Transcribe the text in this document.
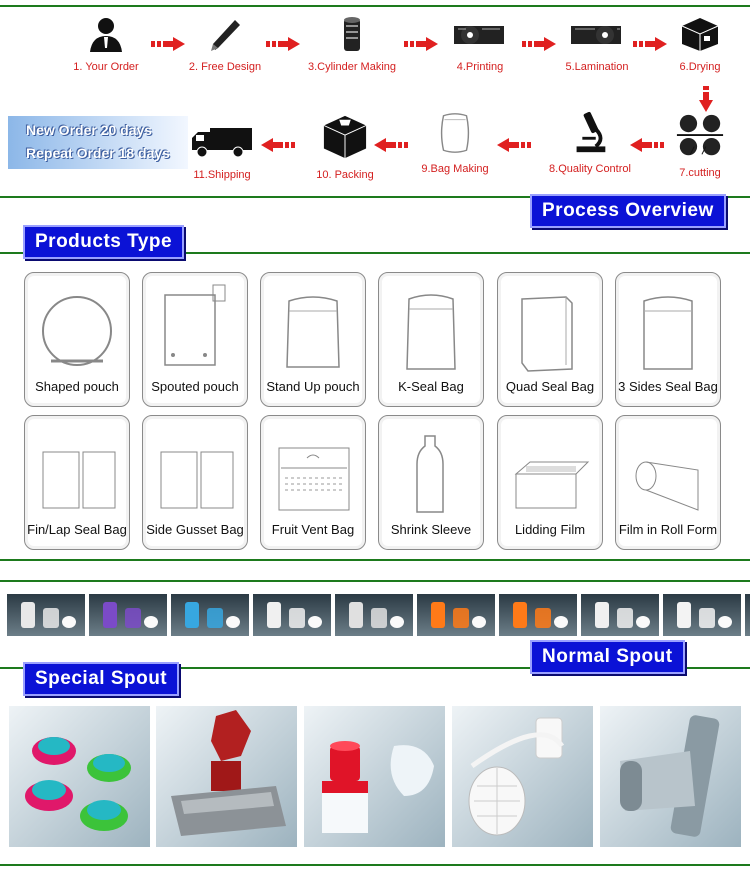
1. Your Order	2. Free Design	3.Cylinder Making	4.Printing	5.Lamination	6.Drying
7.cutting
8.Quality Control
9.Bag Making
10. Packing
11.Shipping
New Order 20 days
Repeat Order 18 days
Process Overview
Products Type
Shaped pouch	Spouted pouch	Stand Up pouch	K-Seal Bag	Quad Seal Bag	3 Sides Seal Bag
Fin/Lap Seal Bag Side Gusset Bag	Fruit Vent Bag	Shrink Sleeve	Lidding Film	Film in Roll Form
Normal Spout
Special Spout
